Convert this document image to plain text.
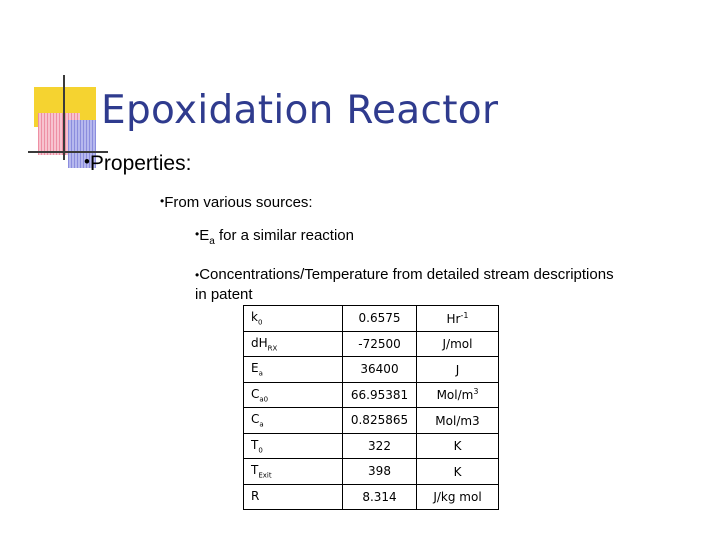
Epoxidation Reactor
•Properties:
•From various sources:
$^•E_a$ for a similar reaction
•Concentrations/Temperature from detailed stream descriptions in patent
$k_0$	0.6575	$Hr^{-1}$
$dH_{RX}$	-72500	J/mol
$E_a$	36400	J
$C_{a0}$	66.95381	Mol/$m^3$
$C_a$	0.825865	Mol/m3
$T_0$	322	K
$T_{Exit}$	398	K
R	8.314	J/kg mol
